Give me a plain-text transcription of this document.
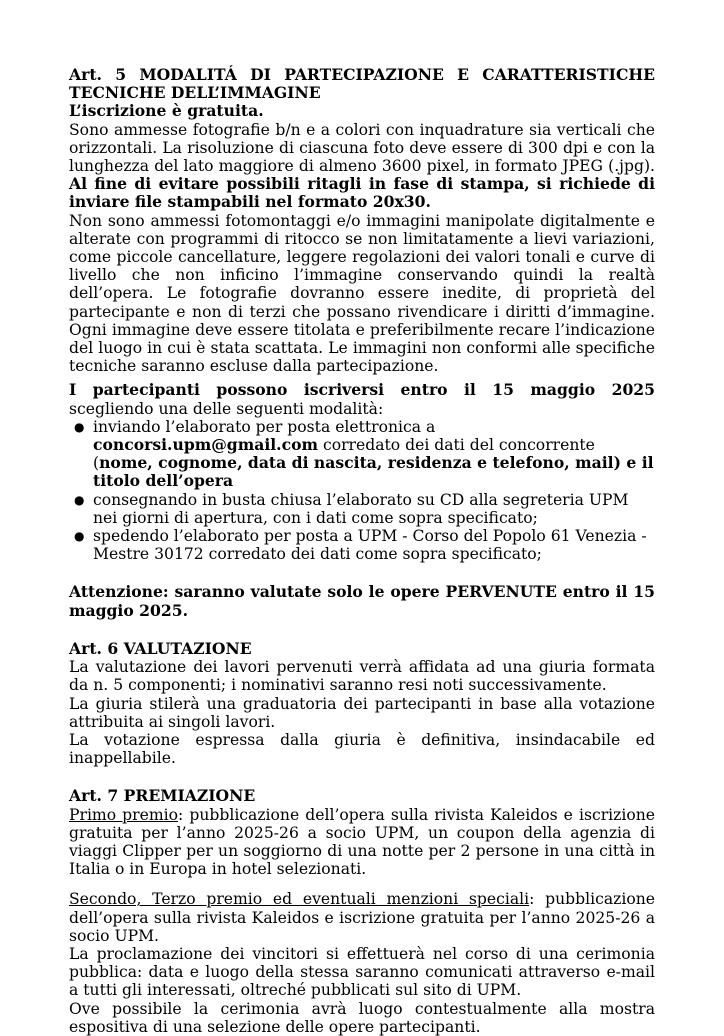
Art. 5 MODALITÁ DI PARTECIPAZIONE E CARATTERISTICHE TECNICHE DELL’IMMAGINE

L’iscrizione è gratuita.

Sono ammesse fotografie b/n e a colori con inquadrature sia verticali che orizzontali. La risoluzione di ciascuna foto deve essere di 300 dpi e con la lunghezza del lato maggiore di almeno 3600 pixel, in formato JPEG (.jpg). Al fine di evitare possibili ritagli in fase di stampa, si richiede di inviare file stampabili nel formato 20x30.

Non sono ammessi fotomontaggi e/o immagini manipolate digitalmente e alterate con programmi di ritocco se non limitatamente a lievi variazioni, come piccole cancellature, leggere regolazioni dei valori tonali e curve di livello che non inficino l’immagine conservando quindi la realtà dell’opera. Le fotografie dovranno essere inedite, di proprietà del partecipante e non di terzi che possano rivendicare i diritti d’immagine. Ogni immagine deve essere titolata e preferibilmente recare l’indicazione del luogo in cui è stata scattata. Le immagini non conformi alle specifiche tecniche saranno escluse dalla partecipazione.

I partecipanti possono iscriversi entro il 15 maggio 2025 scegliendo una delle seguenti modalità:

● inviando l’elaborato per posta elettronica a concorsi.upm@gmail.com corredato dei dati del concorrente (nome, cognome, data di nascita, residenza e telefono, mail) e il titolo dell’opera
● consegnando in busta chiusa l’elaborato su CD alla segreteria UPM nei giorni di apertura, con i dati come sopra specificato;
● spedendo l’elaborato per posta a UPM - Corso del Popolo 61 Venezia - Mestre 30172 corredato dei dati come sopra specificato;

Attenzione: saranno valutate solo le opere PERVENUTE entro il 15 maggio 2025.

Art. 6 VALUTAZIONE

La valutazione dei lavori pervenuti verrà affidata ad una giuria formata da n. 5 componenti; i nominativi saranno resi noti successivamente.

La giuria stilerà una graduatoria dei partecipanti in base alla votazione attribuita ai singoli lavori.

La votazione espressa dalla giuria è definitiva, insindacabile ed inappellabile.

Art. 7 PREMIAZIONE

Primo premio: pubblicazione dell’opera sulla rivista Kaleidos e iscrizione gratuita per l’anno 2025-26 a socio UPM, un coupon della agenzia di viaggi Clipper per un soggiorno di una notte per 2 persone in una città in Italia o in Europa in hotel selezionati.

Secondo, Terzo premio ed eventuali menzioni speciali: pubblicazione dell’opera sulla rivista Kaleidos e iscrizione gratuita per l’anno 2025-26 a socio UPM.

La proclamazione dei vincitori si effettuerà nel corso di una cerimonia pubblica: data e luogo della stessa saranno comunicati attraverso e-mail a tutti gli interessati, oltreché pubblicati sul sito di UPM.

Ove possibile la cerimonia avrà luogo contestualmente alla mostra espositiva di una selezione delle opere partecipanti.
